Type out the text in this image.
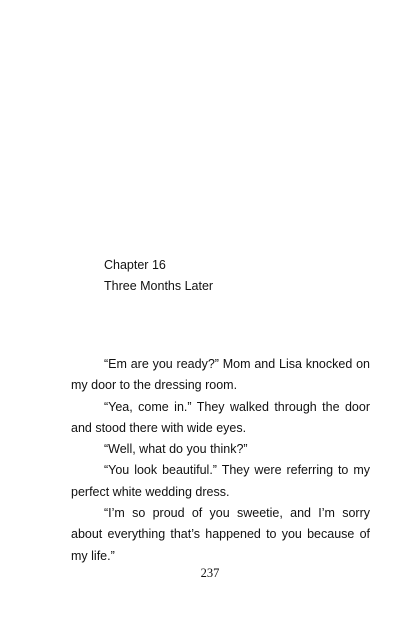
Chapter 16
Three Months Later

“Em are you ready?” Mom and Lisa knocked on my door to the dressing room.

“Yea, come in.” They walked through the door and stood there with wide eyes.

“Well, what do you think?”

“You look beautiful.” They were referring to my perfect white wedding dress.

“I’m so proud of you sweetie, and I’m sorry about everything that’s happened to you because of my life.”

237
